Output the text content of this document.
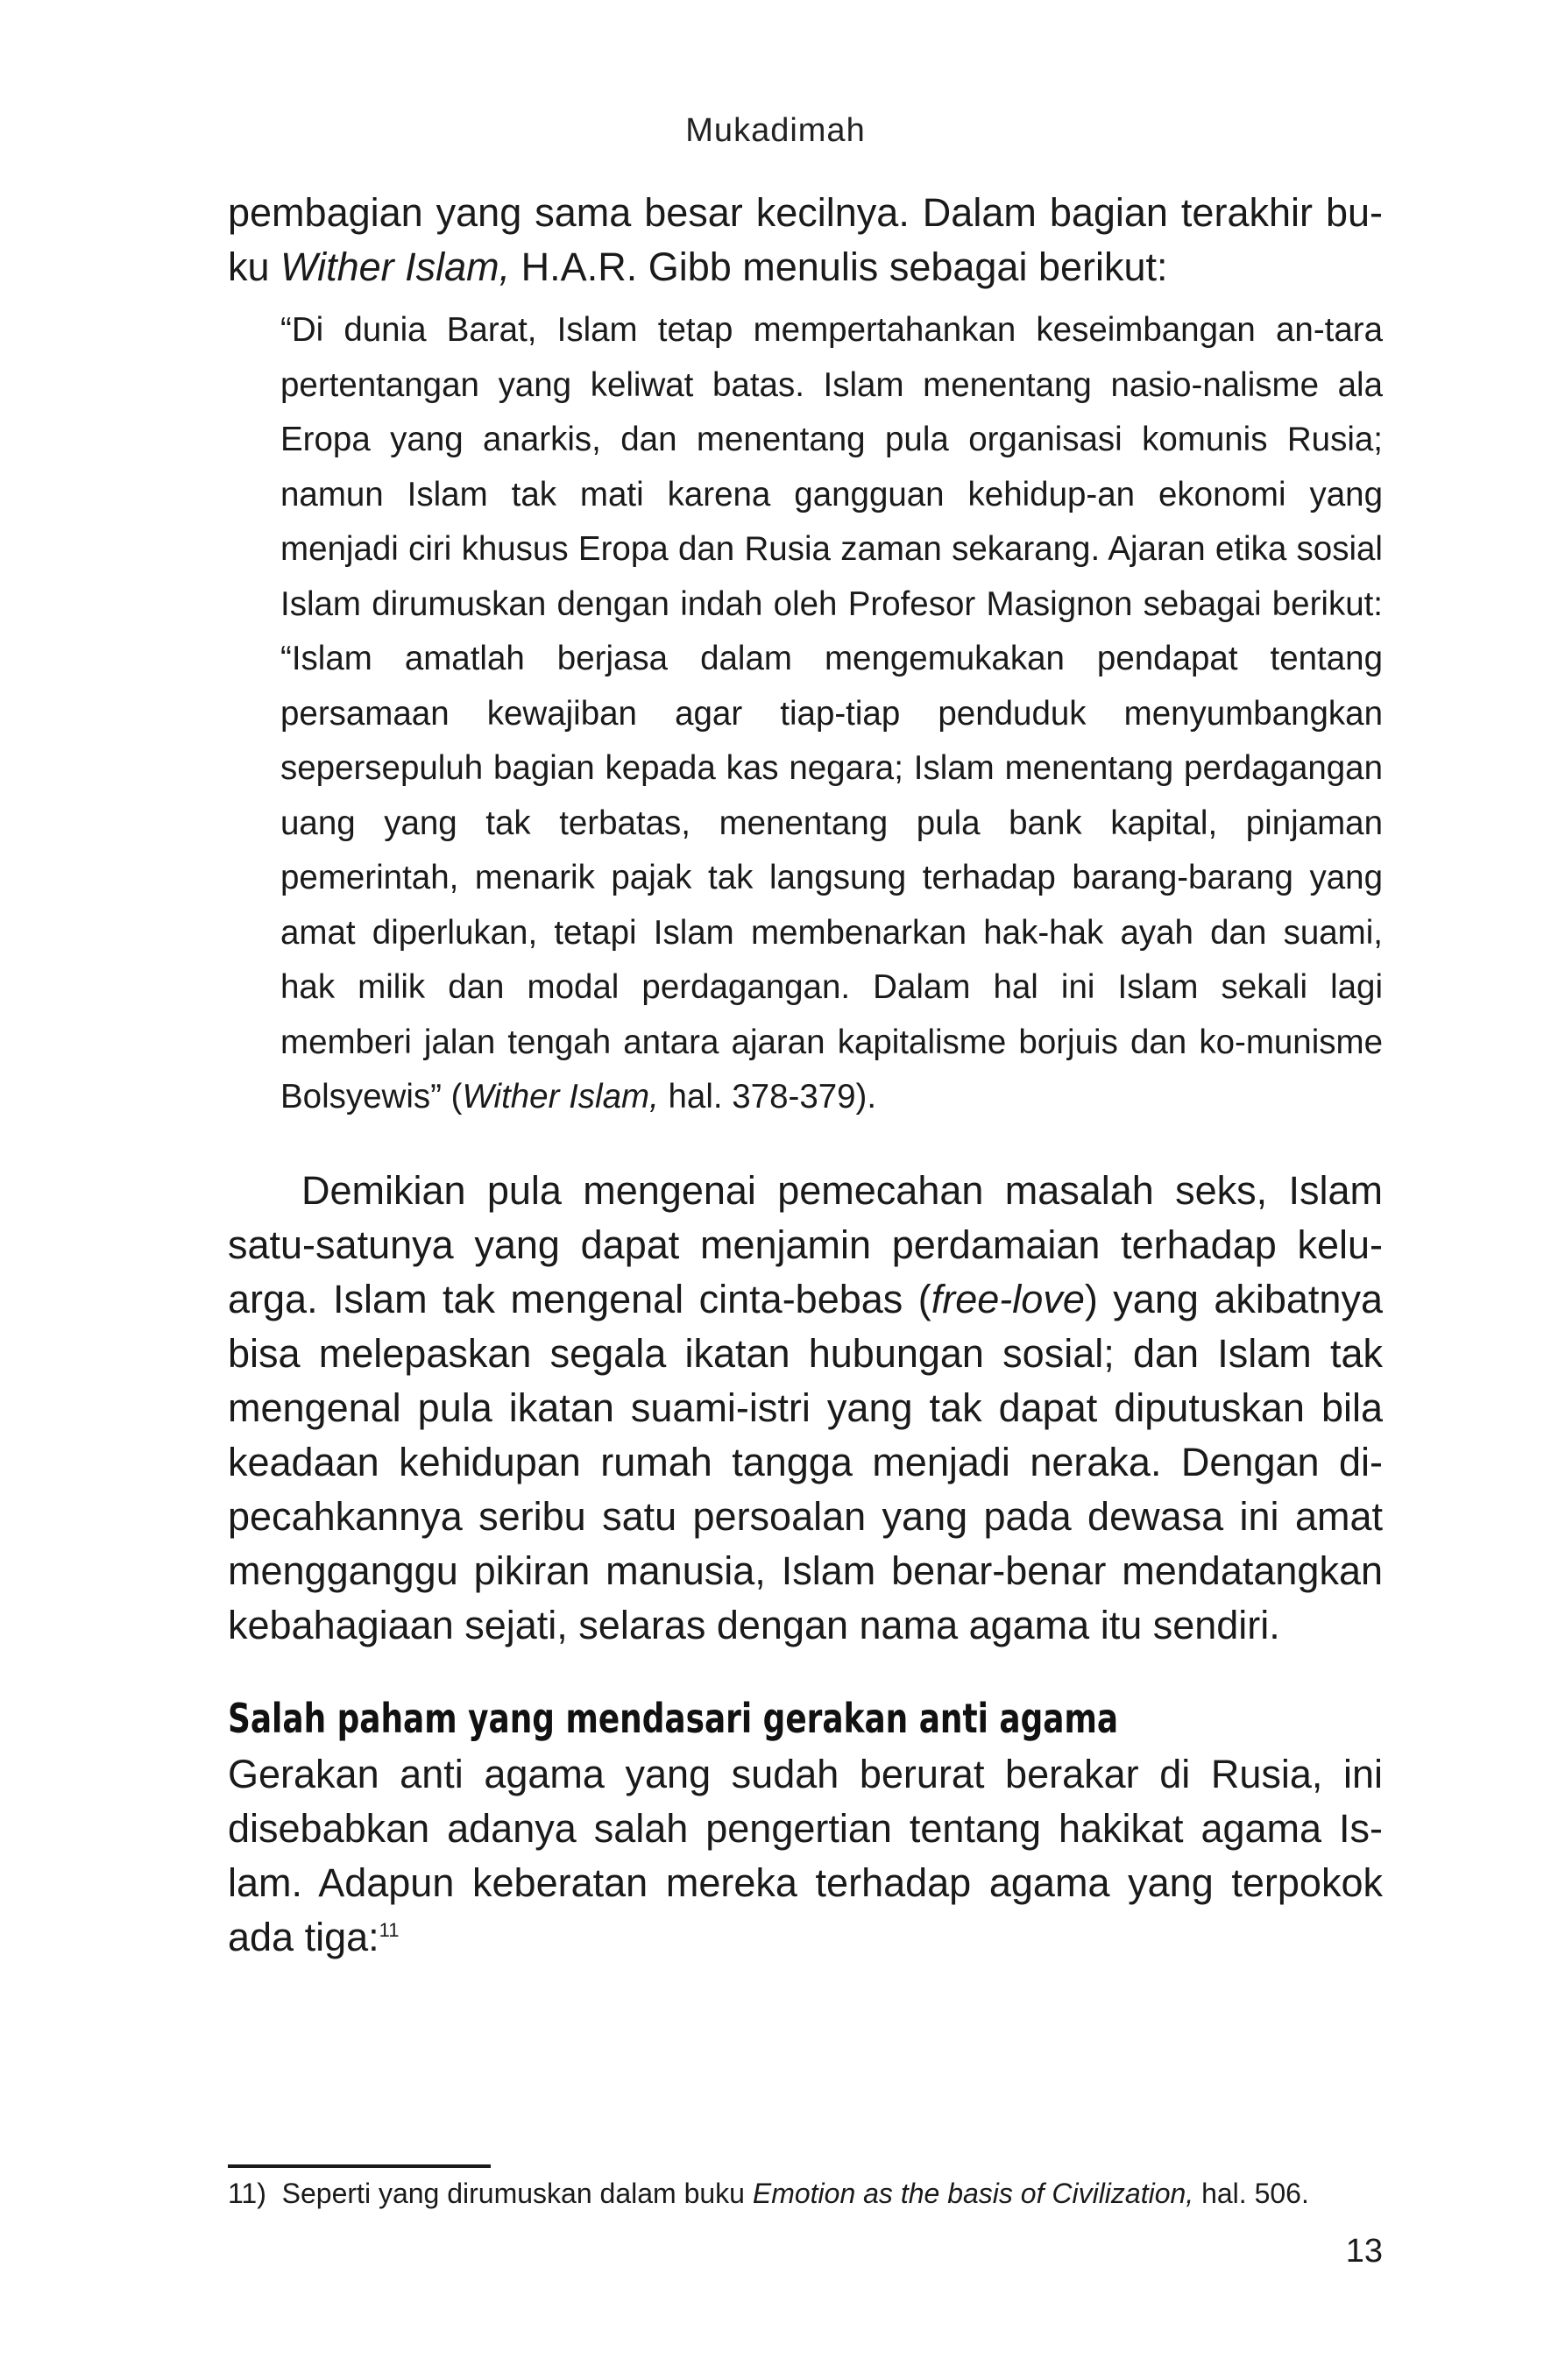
Mukadimah

pembagian yang sama besar kecilnya. Dalam bagian terakhir bu-ku Wither Islam, H.A.R. Gibb menulis sebagai berikut:

“Di dunia Barat, Islam tetap mempertahankan keseimbangan an-tara pertentangan yang keliwat batas. Islam menentang nasio-nalisme ala Eropa yang anarkis, dan menentang pula organisasi komunis Rusia; namun Islam tak mati karena gangguan kehidup-an ekonomi yang menjadi ciri khusus Eropa dan Rusia zaman sekarang. Ajaran etika sosial Islam dirumuskan dengan indah oleh Profesor Masignon sebagai berikut: “Islam amatlah berjasa dalam mengemukakan pendapat tentang persamaan kewajiban agar tiap-tiap penduduk menyumbangkan sepersepuluh bagian kepada kas negara; Islam menentang perdagangan uang yang tak terbatas, menentang pula bank kapital, pinjaman pemerintah, menarik pajak tak langsung terhadap barang-barang yang amat diperlukan, tetapi Islam membenarkan hak-hak ayah dan suami, hak milik dan modal perdagangan. Dalam hal ini Islam sekali lagi memberi jalan tengah antara ajaran kapitalisme borjuis dan ko-munisme Bolsyewis” (Wither Islam, hal. 378-379).

Demikian pula mengenai pemecahan masalah seks, Islam satu-satunya yang dapat menjamin perdamaian terhadap kelu-arga. Islam tak mengenal cinta-bebas (free-love) yang akibatnya bisa melepaskan segala ikatan hubungan sosial; dan Islam tak mengenal pula ikatan suami-istri yang tak dapat diputuskan bila keadaan kehidupan rumah tangga menjadi neraka. Dengan di-pecahkannya seribu satu persoalan yang pada dewasa ini amat mengganggu pikiran manusia, Islam benar-benar mendatangkan kebahagiaan sejati, selaras dengan nama agama itu sendiri.

Salah paham yang mendasari gerakan anti agama

Gerakan anti agama yang sudah berurat berakar di Rusia, ini disebabkan adanya salah pengertian tentang hakikat agama Is-lam. Adapun keberatan mereka terhadap agama yang terpokok ada tiga:$^{11}$

11) Seperti yang dirumuskan dalam buku Emotion as the basis of Civilization, hal. 506.
13
